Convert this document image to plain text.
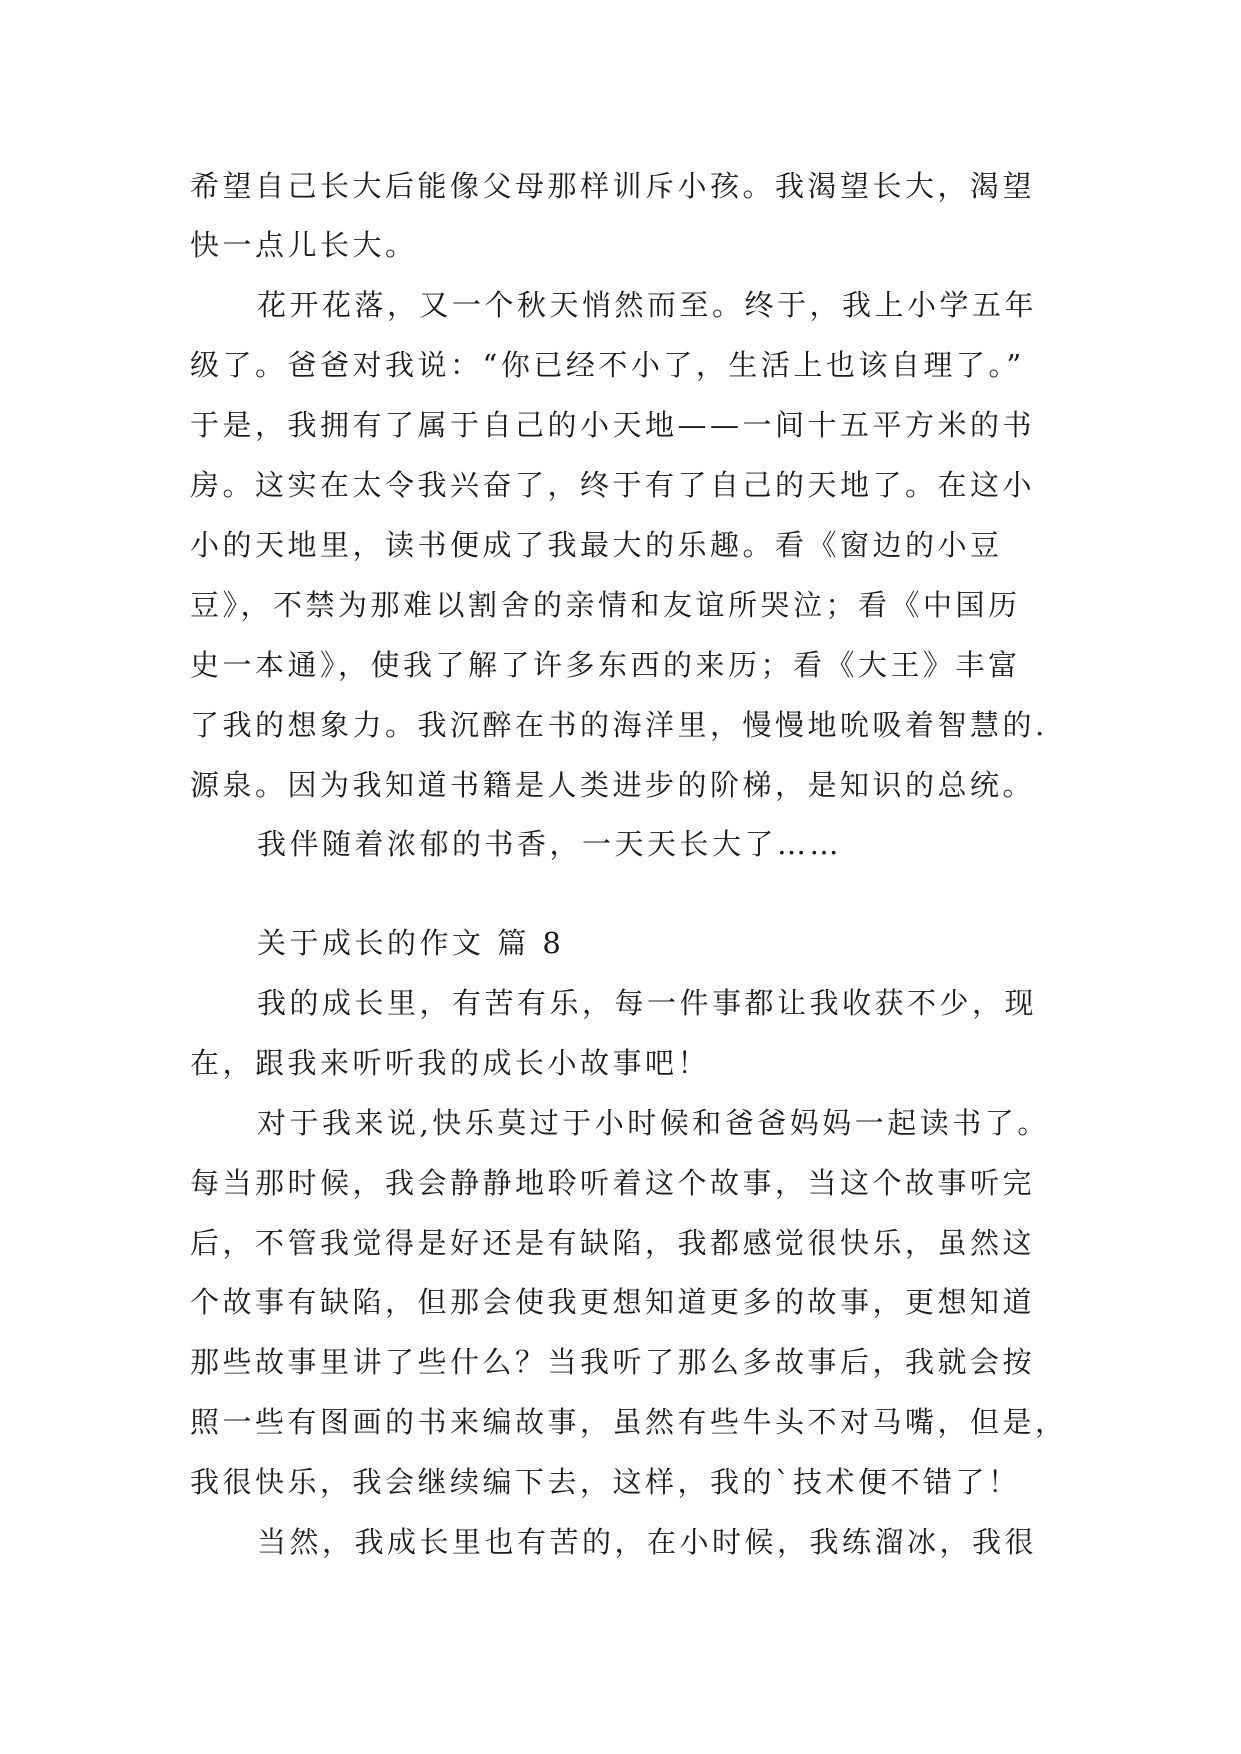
希望自己长大后能像父母那样训斥小孩。我渴望长大，渴望
快一点儿长大。
花开花落，又一个秋天悄然而至。终于，我上小学五年
级了。爸爸对我说：“你已经不小了，生活上也该自理了。”
于是，我拥有了属于自己的小天地——一间十五平方米的书
房。这实在太令我兴奋了，终于有了自己的天地了。在这小
小的天地里，读书便成了我最大的乐趣。看《窗边的小豆
豆》，不禁为那难以割舍的亲情和友谊所哭泣；看《中国历
史一本通》，使我了解了许多东西的来历；看《大王》丰富
了我的想象力。我沉醉在书的海洋里，慢慢地吮吸着智慧的.
源泉。因为我知道书籍是人类进步的阶梯，是知识的总统。
我伴随着浓郁的书香，一天天长大了……
关于成长的作文 篇 8
我的成长里，有苦有乐，每一件事都让我收获不少，现
在，跟我来听听我的成长小故事吧！
对于我来说,快乐莫过于小时候和爸爸妈妈一起读书了。
每当那时候，我会静静地聆听着这个故事，当这个故事听完
后，不管我觉得是好还是有缺陷，我都感觉很快乐，虽然这
个故事有缺陷，但那会使我更想知道更多的故事，更想知道
那些故事里讲了些什么？当我听了那么多故事后，我就会按
照一些有图画的书来编故事，虽然有些牛头不对马嘴，但是，
我很快乐，我会继续编下去，这样，我的`技术便不错了！
当然，我成长里也有苦的，在小时候，我练溜冰，我很
